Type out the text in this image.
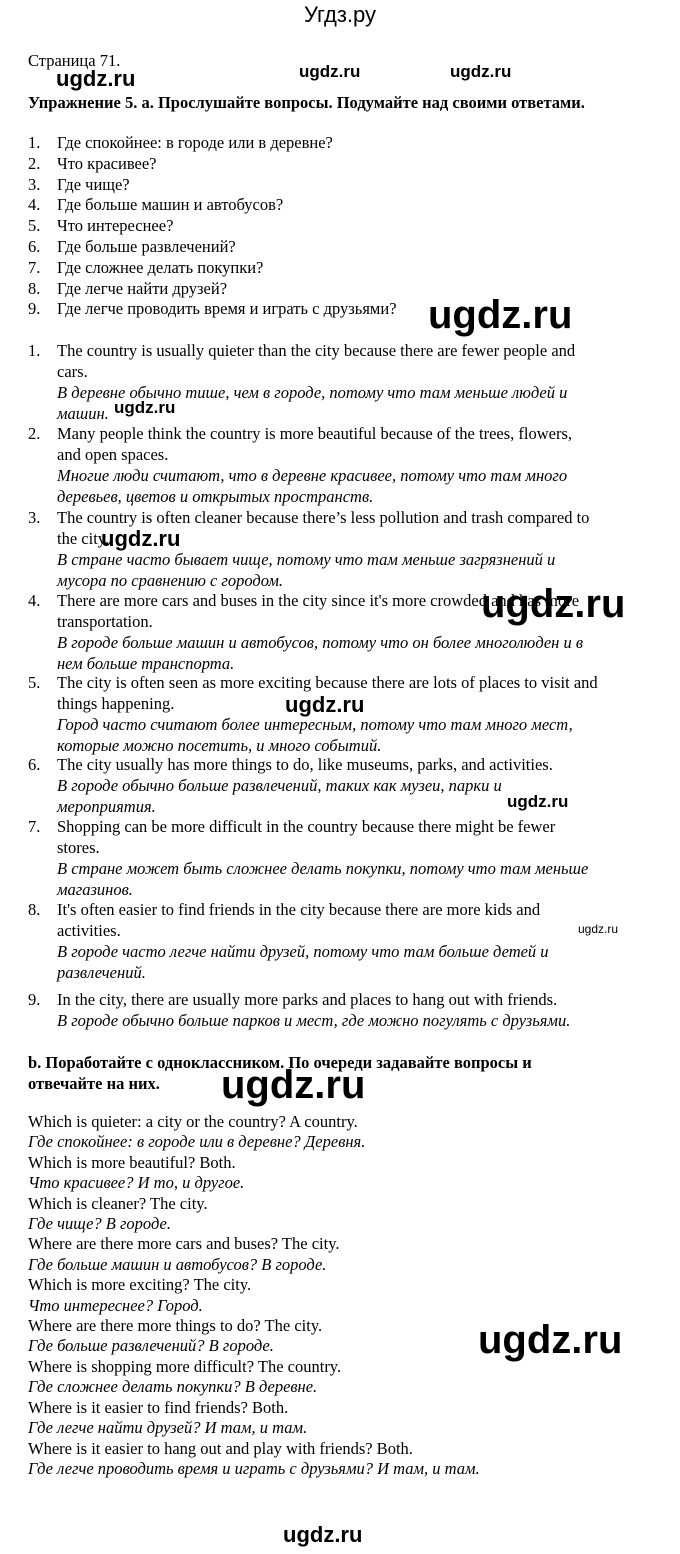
Угдз.ру
Страница 71.
ugdz.ru	ugdz.ru	ugdz.ru
Упражнение 5. а. Прослушайте вопросы. Подумайте над своими ответами.
1. Где спокойнее: в городе или в деревне?
2. Что красивее?
3. Где чище?
4. Где больше машин и автобусов?
5. Что интереснее?
6. Где больше развлечений?
7. Где сложнее делать покупки?
8. Где легче найти друзей?
9. Где легче проводить время и играть с друзьями? ugdz.ru
1. The country is usually quieter than the city because there are fewer people and
cars.
В деревне обычно тише, чем в городе, потому что там меньше людей и
машин.
2. Many people think the country is more beautiful because of the trees, flowers,
and open spaces.
Многие люди считают, что в деревне красивее, потому что там много
деревьев, цветов и открытых пространств.
3. The country is often cleaner because there’s less pollution and trash compared to
the city.
В стране часто бывает чище, потому что там меньше загрязнений и
мусора по сравнению с городом.
4. There are more cars and buses in the city since it's more crowded and has more
transportation.
В городе больше машин и автобусов, потому что он более многолюден и в
нем больше транспорта.
5. The city is often seen as more exciting because there are lots of places to visit and
things happening.
Город часто считают более интересным, потому что там много мест,
которые можно посетить, и много событий.
6. The city usually has more things to do, like museums, parks, and activities.
В городе обычно больше развлечений, таких как музеи, парки и
мероприятия.
7. Shopping can be more difficult in the country because there might be fewer
stores.
В стране может быть сложнее делать покупки, потому что там меньше
магазинов.
8. It's often easier to find friends in the city because there are more kids and
activities.
В городе часто легче найти друзей, потому что там больше детей и
развлечений.
9. In the city, there are usually more parks and places to hang out with friends.
В городе обычно больше парков и мест, где можно погулять с друзьями.
ugdz.ru
ugdz.ru
ugdz.ru
ugdz.ru
ugdz.ru
ugdz.ru
b. Поработайте с одноклассником. По очереди задавайте вопросы и
отвечайте на них. ugdz.ru
Which is quieter: a city or the country? A country.
Где спокойнее: в городе или в деревне? Деревня.
Which is more beautiful? Both.
Что красивее? И то, и другое.
Which is cleaner? The city.
Где чище? В городе.
Where are there more cars and buses? The city.
Где больше машин и автобусов? В городе.
Which is more exciting? The city.
Что интереснее? Город.
Where are there more things to do? The city.
Где больше развлечений? В городе.
Where is shopping more difficult? The country.
Где сложнее делать покупки? В деревне.
Where is it easier to find friends? Both.
Где легче найти друзей? И там, и там.
Where is it easier to hang out and play with friends? Both.
Где легче проводить время и играть с друзьями? И там, и там.
ugdz.ru
ugdz.ru
